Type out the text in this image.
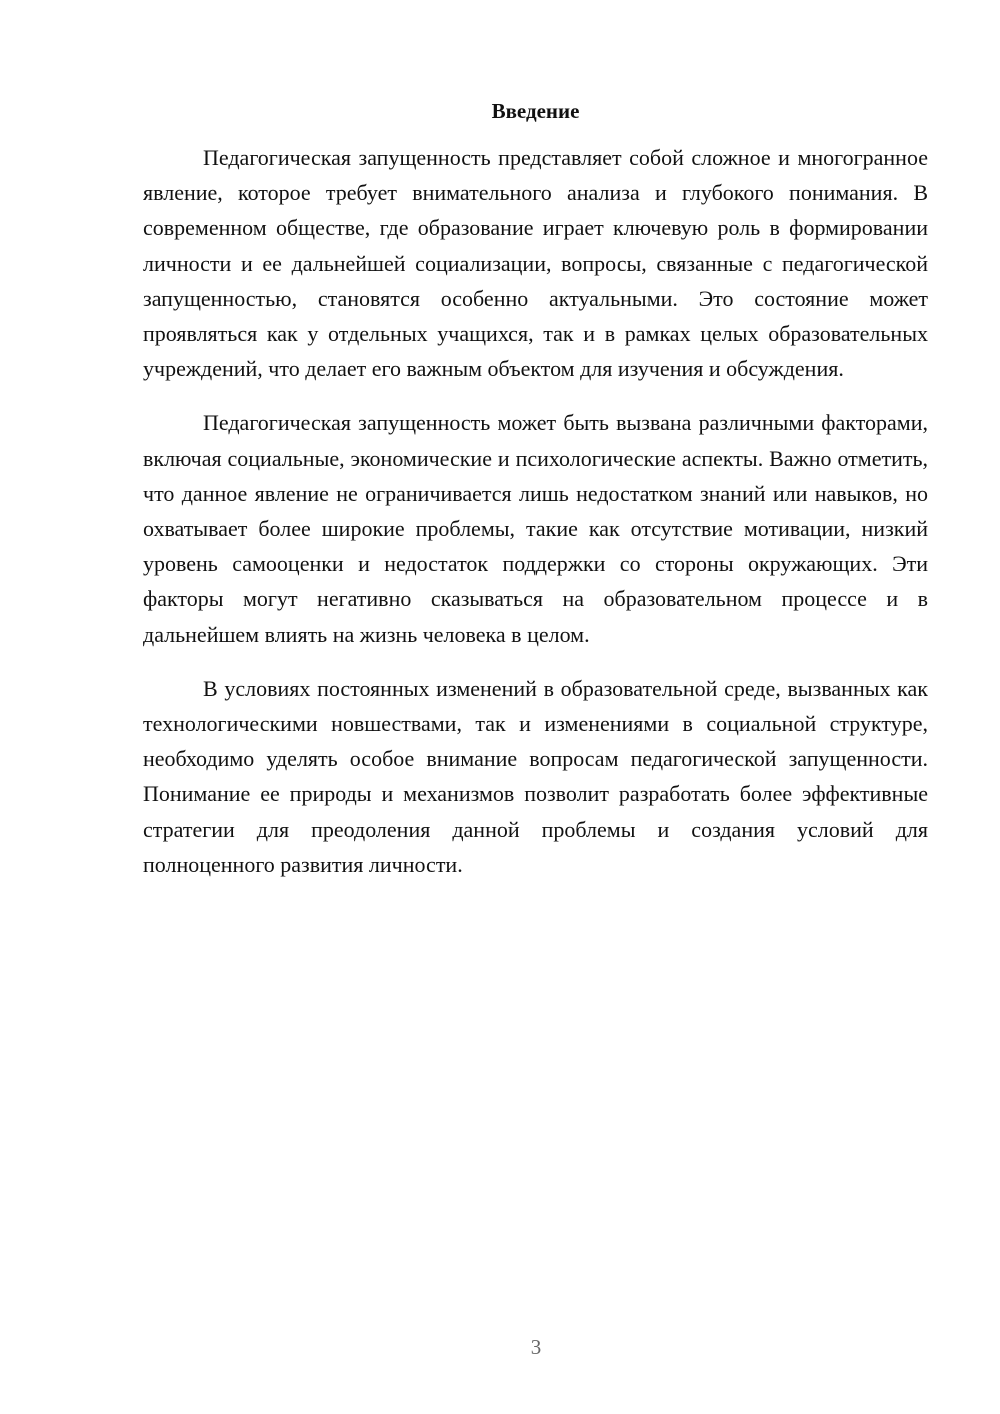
Введение

Педагогическая запущенность представляет собой сложное и многогранное явление, которое требует внимательного анализа и глубокого понимания. В современном обществе, где образование играет ключевую роль в формировании личности и ее дальнейшей социализации, вопросы, связанные с педагогической запущенностью, становятся особенно актуальными. Это состояние может проявляться как у отдельных учащихся, так и в рамках целых образовательных учреждений, что делает его важным объектом для изучения и обсуждения.

Педагогическая запущенность может быть вызвана различными факторами, включая социальные, экономические и психологические аспекты. Важно отметить, что данное явление не ограничивается лишь недостатком знаний или навыков, но охватывает более широкие проблемы, такие как отсутствие мотивации, низкий уровень самооценки и недостаток поддержки со стороны окружающих. Эти факторы могут негативно сказываться на образовательном процессе и в дальнейшем влиять на жизнь человека в целом.

В условиях постоянных изменений в образовательной среде, вызванных как технологическими новшествами, так и изменениями в социальной структуре, необходимо уделять особое внимание вопросам педагогической запущенности. Понимание ее природы и механизмов позволит разработать более эффективные стратегии для преодоления данной проблемы и создания условий для полноценного развития личности.

3
